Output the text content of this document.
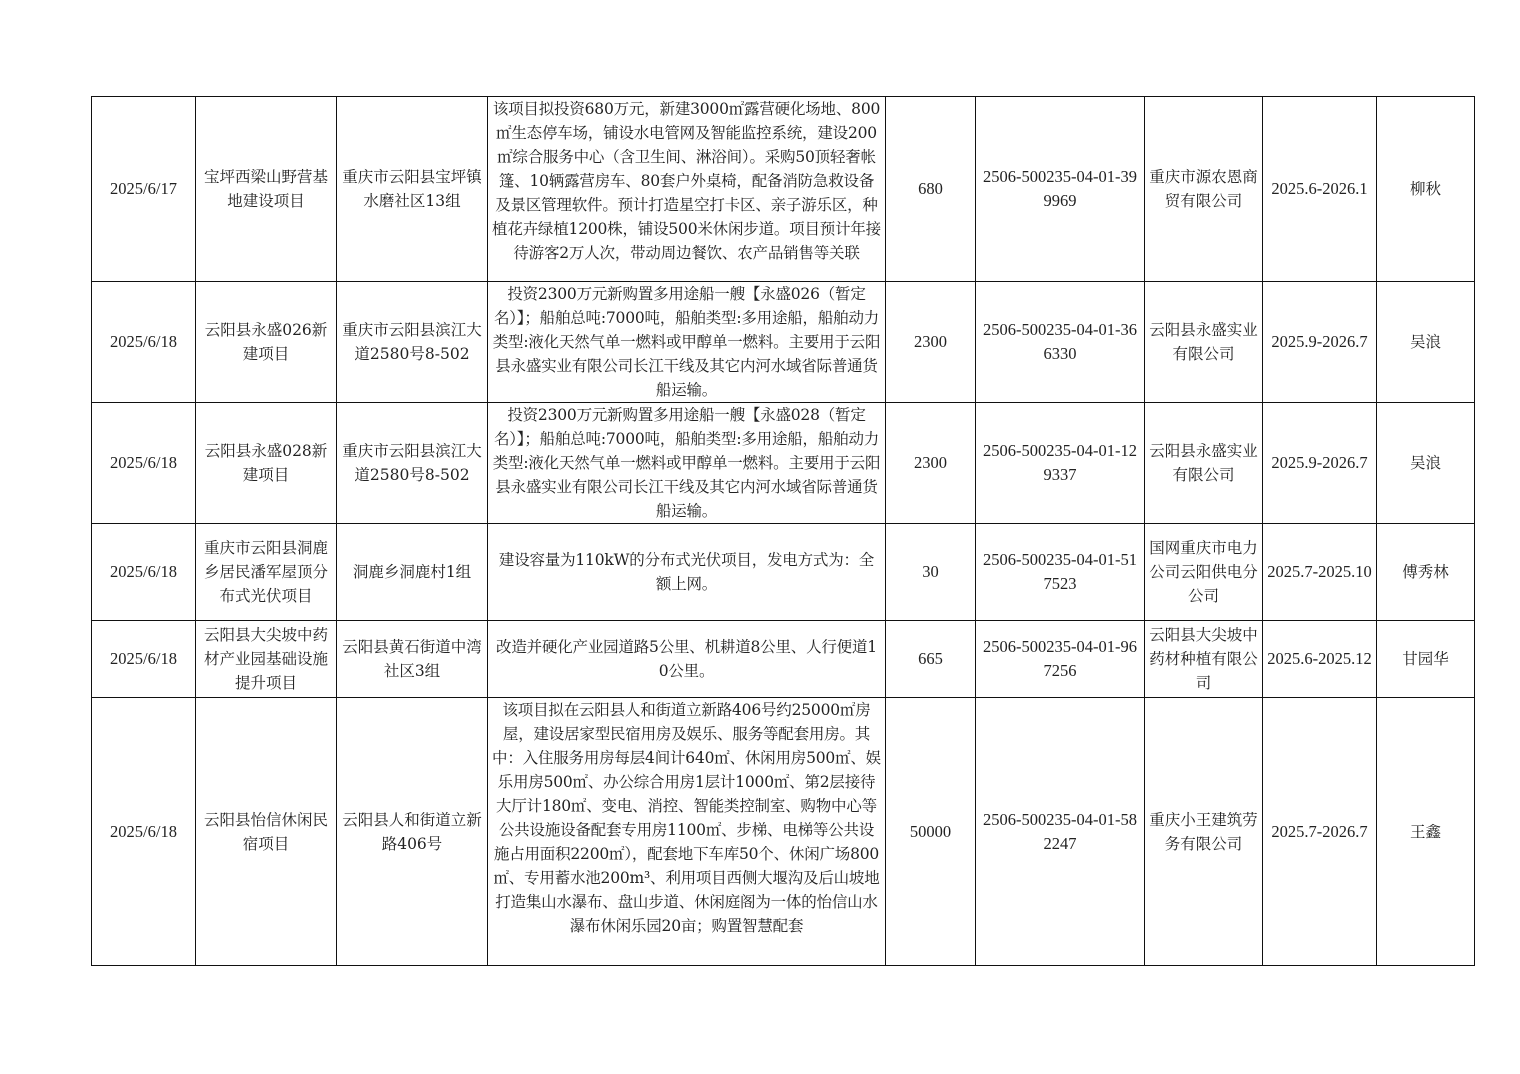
2025/6/17	宝坪西梁山野营基地建设项目	重庆市云阳县宝坪镇水磨社区13组	该项目拟投资680万元，新建3000㎡露营硬化场地、800㎡生态停车场，铺设水电管网及智能监控系统，建设200㎡综合服务中心（含卫生间、淋浴间）。采购50顶轻奢帐篷、10辆露营房车、80套户外桌椅，配备消防急救设备及景区管理软件。预计打造星空打卡区、亲子游乐区，种植花卉绿植1200株，铺设500米休闲步道。项目预计年接待游客2万人次，带动周边餐饮、农产品销售等关联	680	2506-500235-04-01-399969	重庆市源农恩商贸有限公司	2025.6-2026.1	柳秋
2025/6/18	云阳县永盛026新建项目	重庆市云阳县滨江大道2580号8-502	投资2300万元新购置多用途船一艘【永盛026（暂定名）】；船舶总吨:7000吨，船舶类型:多用途船，船舶动力类型:液化天然气单一燃料或甲醇单一燃料。主要用于云阳县永盛实业有限公司长江干线及其它内河水域省际普通货船运输。	2300	2506-500235-04-01-366330	云阳县永盛实业有限公司	2025.9-2026.7	吴浪
2025/6/18	云阳县永盛028新建项目	重庆市云阳县滨江大道2580号8-502	投资2300万元新购置多用途船一艘【永盛028（暂定名）】；船舶总吨:7000吨，船舶类型:多用途船，船舶动力类型:液化天然气单一燃料或甲醇单一燃料。主要用于云阳县永盛实业有限公司长江干线及其它内河水域省际普通货船运输。	2300	2506-500235-04-01-129337	云阳县永盛实业有限公司	2025.9-2026.7	吴浪
2025/6/18	重庆市云阳县洞鹿乡居民潘军屋顶分布式光伏项目	洞鹿乡洞鹿村1组	建设容量为110kW的分布式光伏项目，发电方式为：全额上网。	30	2506-500235-04-01-517523	国网重庆市电力公司云阳供电分公司	2025.7-2025.10	傅秀林
2025/6/18	云阳县大尖坡中药材产业园基础设施提升项目	云阳县黄石街道中湾社区3组	改造并硬化产业园道路5公里、机耕道8公里、人行便道10公里。	665	2506-500235-04-01-967256	云阳县大尖坡中药材种植有限公司	2025.6-2025.12	甘园华
2025/6/18	云阳县怡信休闲民宿项目	云阳县人和街道立新路406号	该项目拟在云阳县人和街道立新路406号约25000㎡房屋，建设居家型民宿用房及娱乐、服务等配套用房。其中：入住服务用房每层4间计640㎡、休闲用房500㎡、娱乐用房500㎡、办公综合用房1层计1000㎡、第2层接待大厅计180㎡、变电、消控、智能类控制室、购物中心等公共设施设备配套专用房1100㎡、步梯、电梯等公共设施占用面积2200㎡），配套地下车库50个、休闲广场800㎡、专用蓄水池200m³、利用项目西侧大堰沟及后山坡地打造集山水瀑布、盘山步道、休闲庭阁为一体的怡信山水瀑布休闲乐园20亩；购置智慧配套	50000	2506-500235-04-01-582247	重庆小王建筑劳务有限公司	2025.7-2026.7	王鑫
